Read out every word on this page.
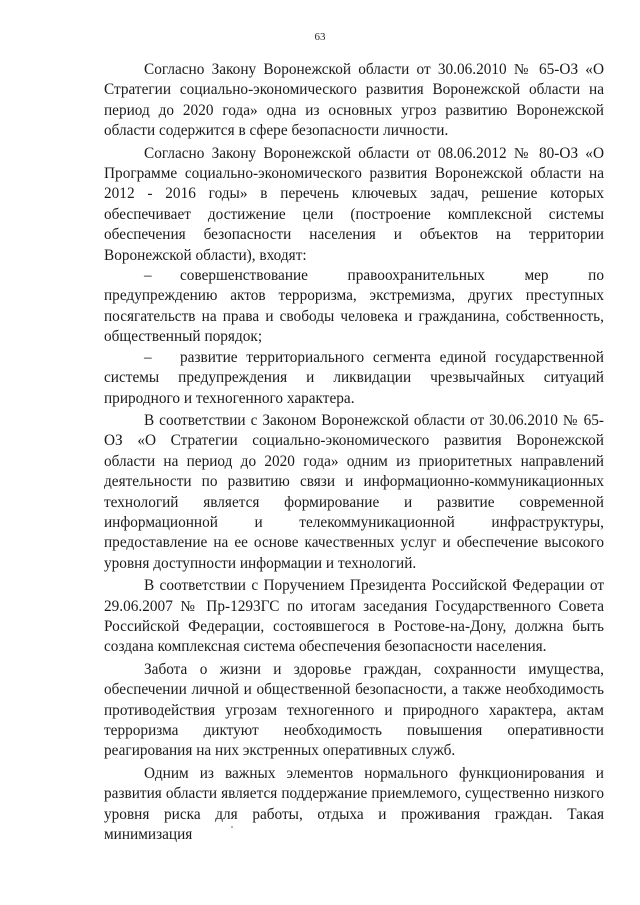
63

Согласно Закону Воронежской области от 30.06.2010 № 65-ОЗ «О Стратегии социально-экономического развития Воронежской области на период до 2020 года» одна из основных угроз развитию Воронежской области содержится в сфере безопасности личности.

Согласно Закону Воронежской области от 08.06.2012 № 80-ОЗ «О Программе социально-экономического развития Воронежской области на 2012 - 2016 годы» в перечень ключевых задач, решение которых обеспечивает достижение цели (построение комплексной системы обеспечения безопасности населения и объектов на территории Воронежской области), входят:

– совершенствование правоохранительных мер по предупреждению актов терроризма, экстремизма, других преступных посягательств на права и свободы человека и гражданина, собственность, общественный порядок;

– развитие территориального сегмента единой государственной системы предупреждения и ликвидации чрезвычайных ситуаций природного и техногенного характера.

В соответствии с Законом Воронежской области от 30.06.2010 № 65-ОЗ «О Стратегии социально-экономического развития Воронежской области на период до 2020 года» одним из приоритетных направлений деятельности по развитию связи и информационно-коммуникационных технологий является формирование и развитие современной информационной и телекоммуникационной инфраструктуры, предоставление на ее основе качественных услуг и обеспечение высокого уровня доступности информации и технологий.

В соответствии с Поручением Президента Российской Федерации от 29.06.2007 № Пр-1293ГС по итогам заседания Государственного Совета Российской Федерации, состоявшегося в Ростове-на-Дону, должна быть создана комплексная система обеспечения безопасности населения.

Забота о жизни и здоровье граждан, сохранности имущества, обеспечении личной и общественной безопасности, а также необходимость противодействия угрозам техногенного и природного характера, актам терроризма диктуют необходимость повышения оперативности реагирования на них экстренных оперативных служб.

Одним из важных элементов нормального функционирования и развития области является поддержание приемлемого, существенно низкого уровня риска для работы, отдыха и проживания граждан. Такая минимизация
